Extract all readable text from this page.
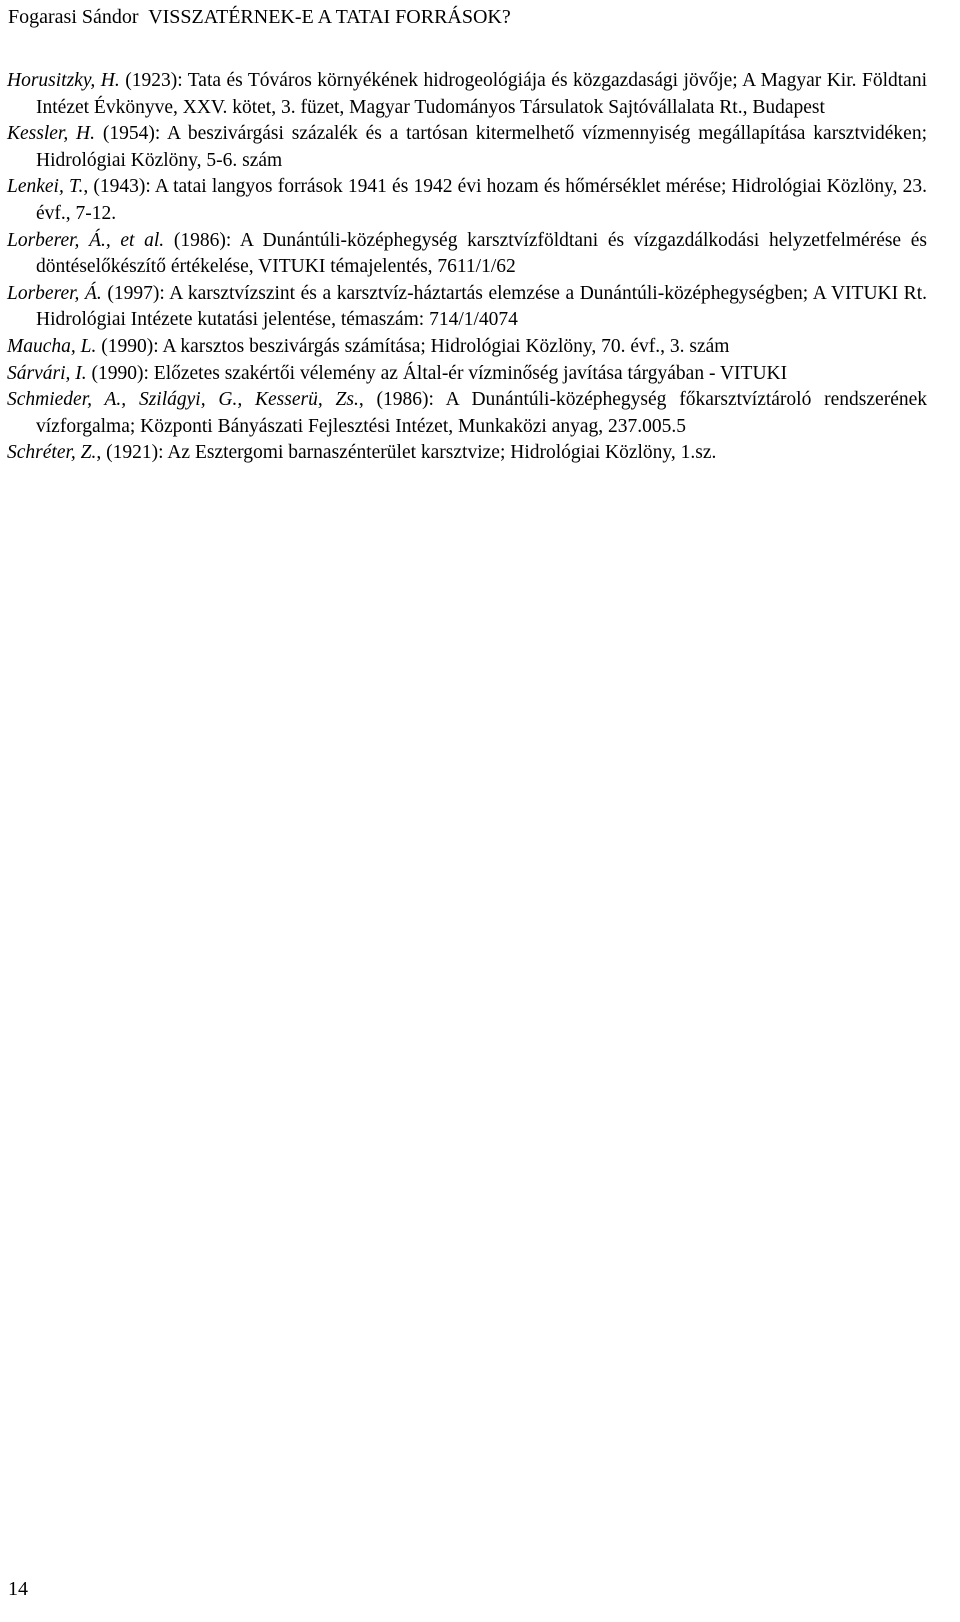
Fogarasi Sándor VISSZATÉRNEK-E A TATAI FORRÁSOK?

Horusitzky, H. (1923): Tata és Tóváros környékének hidrogeológiája és közgazdasági jövője; A Magyar Kir. Földtani Intézet Évkönyve, XXV. kötet, 3. füzet, Magyar Tudományos Társulatok Sajtóvállalata Rt., Budapest

Kessler, H. (1954): A beszivárgási százalék és a tartósan kitermelhető vízmennyiség megállapítása karsztvidéken; Hidrológiai Közlöny, 5-6. szám

Lenkei, T., (1943): A tatai langyos források 1941 és 1942 évi hozam és hőmérséklet mérése; Hidrológiai Közlöny, 23. évf., 7-12.

Lorberer, Á., et al. (1986): A Dunántúli-középhegység karsztvízföldtani és vízgazdálkodási helyzetfelmérése és döntéselőkészítő értékelése, VITUKI témajelentés, 7611/1/62

Lorberer, Á. (1997): A karsztvízszint és a karsztvíz-háztartás elemzése a Dunántúli-középhegységben; A VITUKI Rt. Hidrológiai Intézete kutatási jelentése, témaszám: 714/1/4074

Maucha, L. (1990): A karsztos beszivárgás számítása; Hidrológiai Közlöny, 70. évf., 3. szám

Sárvári, I. (1990): Előzetes szakértői vélemény az Által-ér vízminőség javítása tárgyában - VITUKI

Schmieder, A., Szilágyi, G., Kesserü, Zs., (1986): A Dunántúli-középhegység főkarsztvíztároló rendszerének vízforgalma; Központi Bányászati Fejlesztési Intézet, Munkaközi anyag, 237.005.5

Schréter, Z., (1921): Az Esztergomi barnaszénterület karsztvize; Hidrológiai Közlöny, 1.sz.

14
